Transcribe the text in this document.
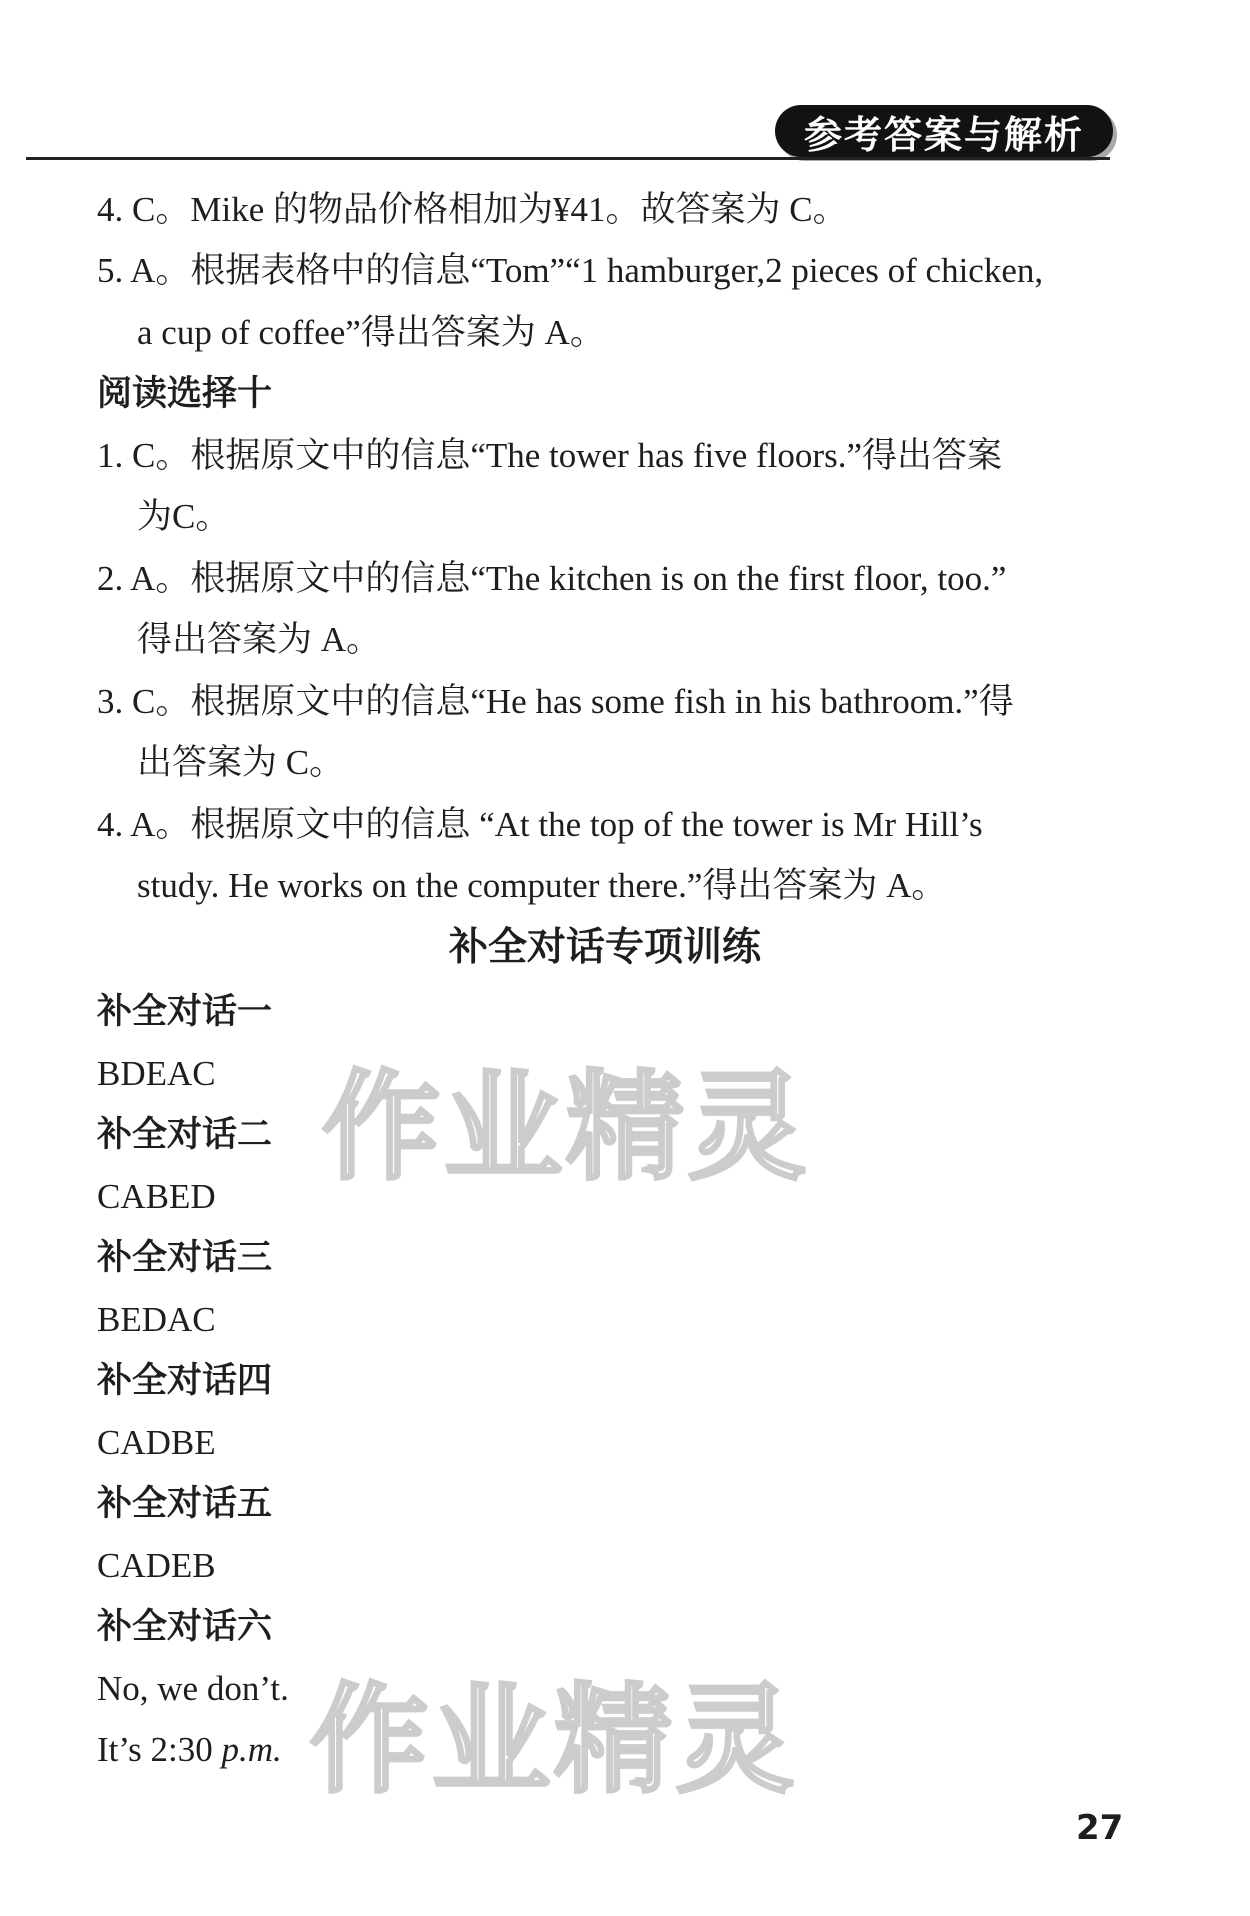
参考答案与解析
4. C。Mike 的物品价格相加为¥41。故答案为 C。
5. A。根据表格中的信息“Tom”“1 hamburger,2 pieces of chicken,
a cup of coffee”得出答案为 A。
阅读选择十
1. C。根据原文中的信息“The tower has five floors.”得出答案
为C。
2. A。根据原文中的信息“The kitchen is on the first floor, too.”
得出答案为 A。
3. C。根据原文中的信息“He has some fish in his bathroom.”得
出答案为 C。
4. A。根据原文中的信息 “At the top of the tower is Mr Hill’s
study. He works on the computer there.”得出答案为 A。
补全对话专项训练
补全对话一
BDEAC
补全对话二
CABED
补全对话三
BEDAC
补全对话四
CADBE
补全对话五
CADEB
补全对话六
No, we don’t.
It’s 2:30 p.m.
作业精灵
作业精灵
27
